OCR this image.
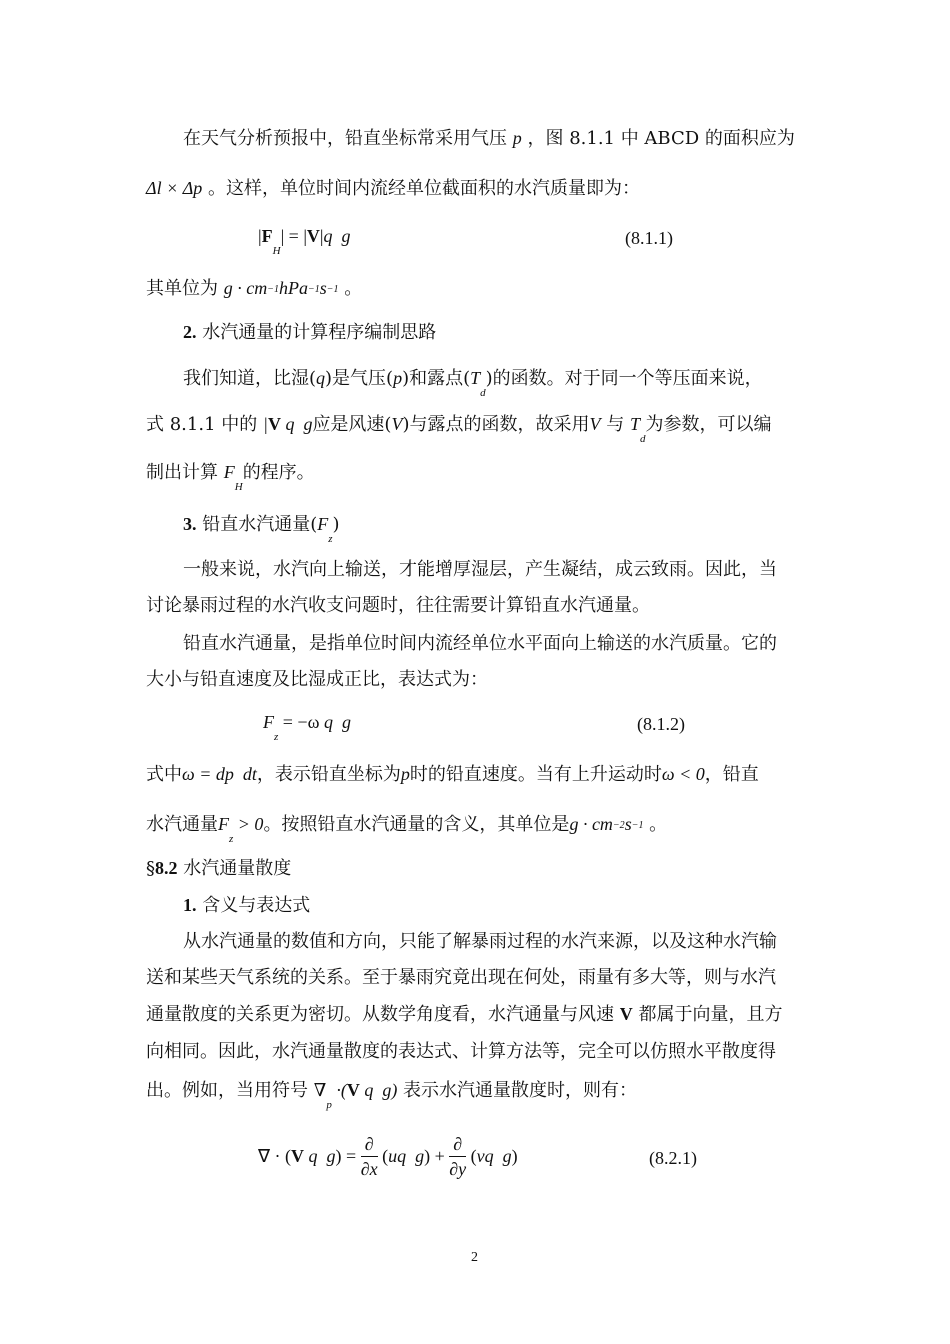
在天气分析预报中，铅直坐标常采用气压 p ，图 8.1.1 中 ABCD 的面积应为
Δl × Δp 。这样，单位时间内流经单位截面积的水汽质量即为：
$|F_H| = |V|q$ g	(8.1.1)
其单位为 g · cm−1hPa−1s−1 。
2. 水汽通量的计算程序编制思路
我们知道，比湿(q)是气压(p)和露点$(T_d)$的函数。对于同一个等压面来说，
式 8.1.1 中的 |V q g应是风速(V)与露点的函数，故采用V 与 $T_d$为参数，可以编
制出计算 $F_H$的程序。
3. 铅直水汽通量$(F_z)$
一般来说，水汽向上输送，才能增厚湿层，产生凝结，成云致雨。因此，当
讨论暴雨过程的水汽收支问题时，往往需要计算铅直水汽通量。
铅直水汽通量，是指单位时间内流经单位水平面向上输送的水汽质量。它的
大小与铅直速度及比湿成正比，表达式为：
$F_z = -\omega$ q g	(8.1.2)
式中ω = dp  dt，表示铅直坐标为p时的铅直速度。当有上升运动时ω < 0，铅直
水汽通量$F_z > 0$。按照铅直水汽通量的含义，其单位是g · cm−2s−1 。
§8.2 水汽通量散度
1. 含义与表达式
从水汽通量的数值和方向，只能了解暴雨过程的水汽来源，以及这种水汽输
送和某些天气系统的关系。至于暴雨究竟出现在何处，雨量有多大等，则与水汽
通量散度的关系更为密切。从数学角度看，水汽通量与风速 V 都属于向量，且方
向相同。因此，水汽通量散度的表达式、计算方法等，完全可以仿照水平散度得
出。例如，当用符号 $\nabla_p \cdot(V$ q g) 表示水汽通量散度时，则有：
∇ · (V q $g) = \frac{\partial}{\partial x} (uq$ $g) + \frac{\partial}{\partial y} (vq$ g)	(8.2.1)
2
